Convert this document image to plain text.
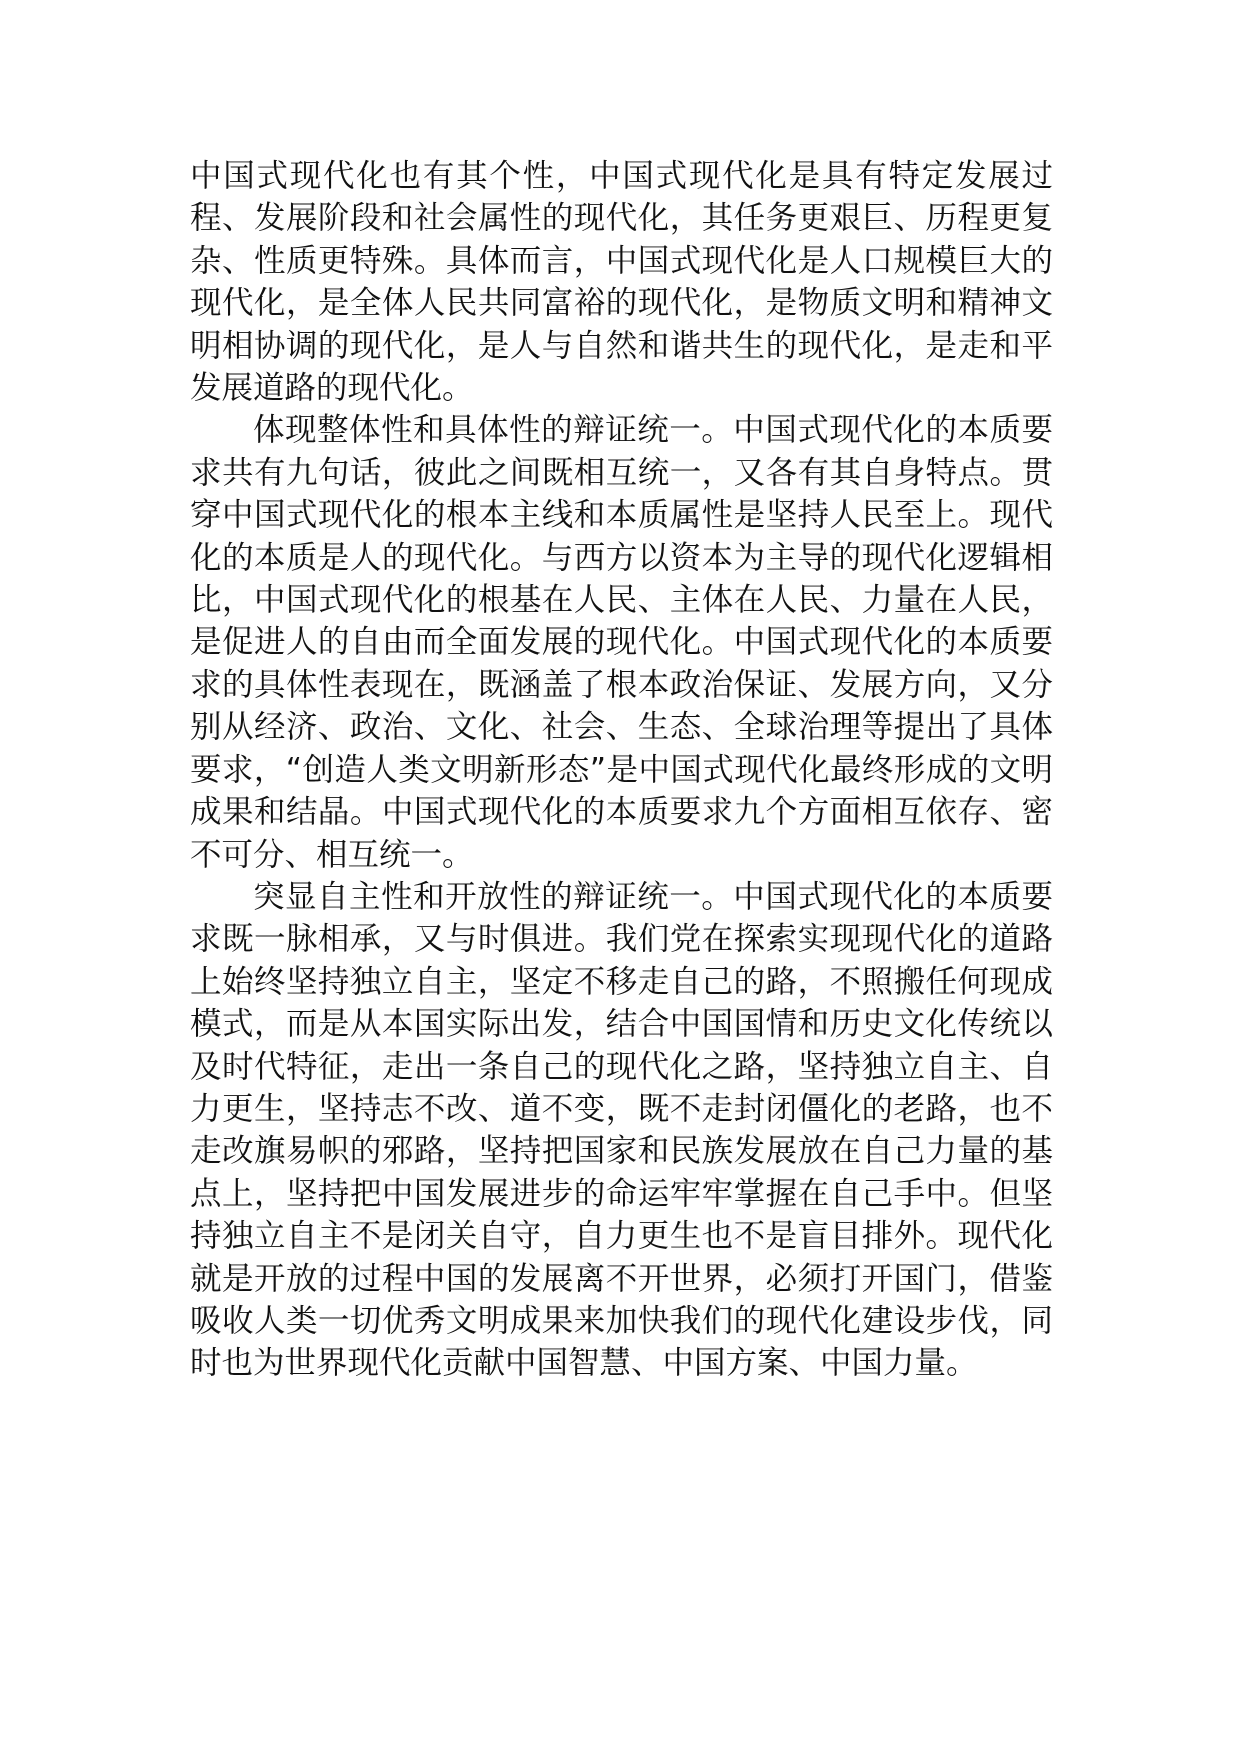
中国式现代化也有其个性，中国式现代化是具有特定发展过程、发展阶段和社会属性的现代化，其任务更艰巨、历程更复杂、性质更特殊。具体而言，中国式现代化是人口规模巨大的现代化，是全体人民共同富裕的现代化，是物质文明和精神文明相协调的现代化，是人与自然和谐共生的现代化，是走和平发展道路的现代化。

体现整体性和具体性的辩证统一。中国式现代化的本质要求共有九句话，彼此之间既相互统一，又各有其自身特点。贯穿中国式现代化的根本主线和本质属性是坚持人民至上。现代化的本质是人的现代化。与西方以资本为主导的现代化逻辑相比，中国式现代化的根基在人民、主体在人民、力量在人民，是促进人的自由而全面发展的现代化。中国式现代化的本质要求的具体性表现在，既涵盖了根本政治保证、发展方向，又分别从经济、政治、文化、社会、生态、全球治理等提出了具体要求，“创造人类文明新形态”是中国式现代化最终形成的文明成果和结晶。中国式现代化的本质要求九个方面相互依存、密不可分、相互统一。

突显自主性和开放性的辩证统一。中国式现代化的本质要求既一脉相承，又与时俱进。我们党在探索实现现代化的道路上始终坚持独立自主，坚定不移走自己的路，不照搬任何现成模式，而是从本国实际出发，结合中国国情和历史文化传统以及时代特征，走出一条自己的现代化之路，坚持独立自主、自力更生，坚持志不改、道不变，既不走封闭僵化的老路，也不走改旗易帜的邪路，坚持把国家和民族发展放在自己力量的基点上，坚持把中国发展进步的命运牢牢掌握在自己手中。但坚持独立自主不是闭关自守，自力更生也不是盲目排外。现代化就是开放的过程中国的发展离不开世界，必须打开国门，借鉴吸收人类一切优秀文明成果来加快我们的现代化建设步伐，同时也为世界现代化贡献中国智慧、中国方案、中国力量。
